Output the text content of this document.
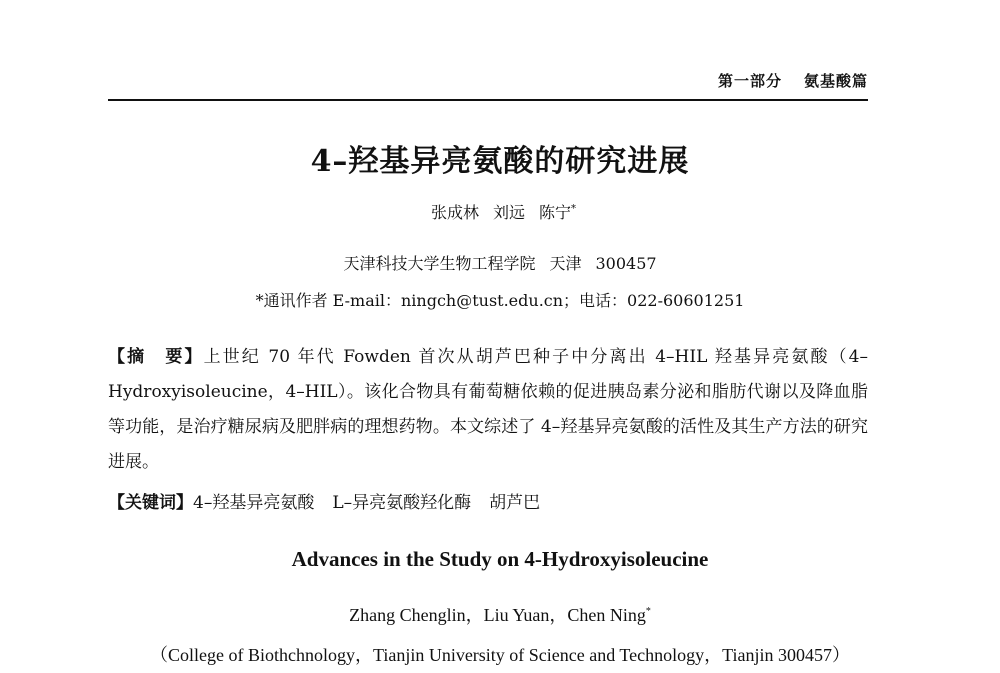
第一部分 氨基酸篇
4–羟基异亮氨酸的研究进展
张成林 刘远 陈宁*
天津科技大学生物工程学院 天津 300457
*通讯作者 E-mail：ningch@tust.edu.cn；电话：022-60601251
【摘　要】上世纪 70 年代 Fowden 首次从胡芦巴种子中分离出 4–HIL 羟基异亮氨酸（4–Hydroxyisoleucine，4–HIL）。该化合物具有葡萄糖依赖的促进胰岛素分泌和脂肪代谢以及降血脂等功能，是治疗糖尿病及肥胖病的理想药物。本文综述了 4–羟基异亮氨酸的活性及其生产方法的研究进展。
【关键词】4–羟基异亮氨酸 L–异亮氨酸羟化酶 胡芦巴
Advances in the Study on 4-Hydroxyisoleucine
Zhang Chenglin，Liu Yuan，Chen Ning*
（College of Biothchnology，Tianjin University of Science and Technology，Tianjin 300457）
